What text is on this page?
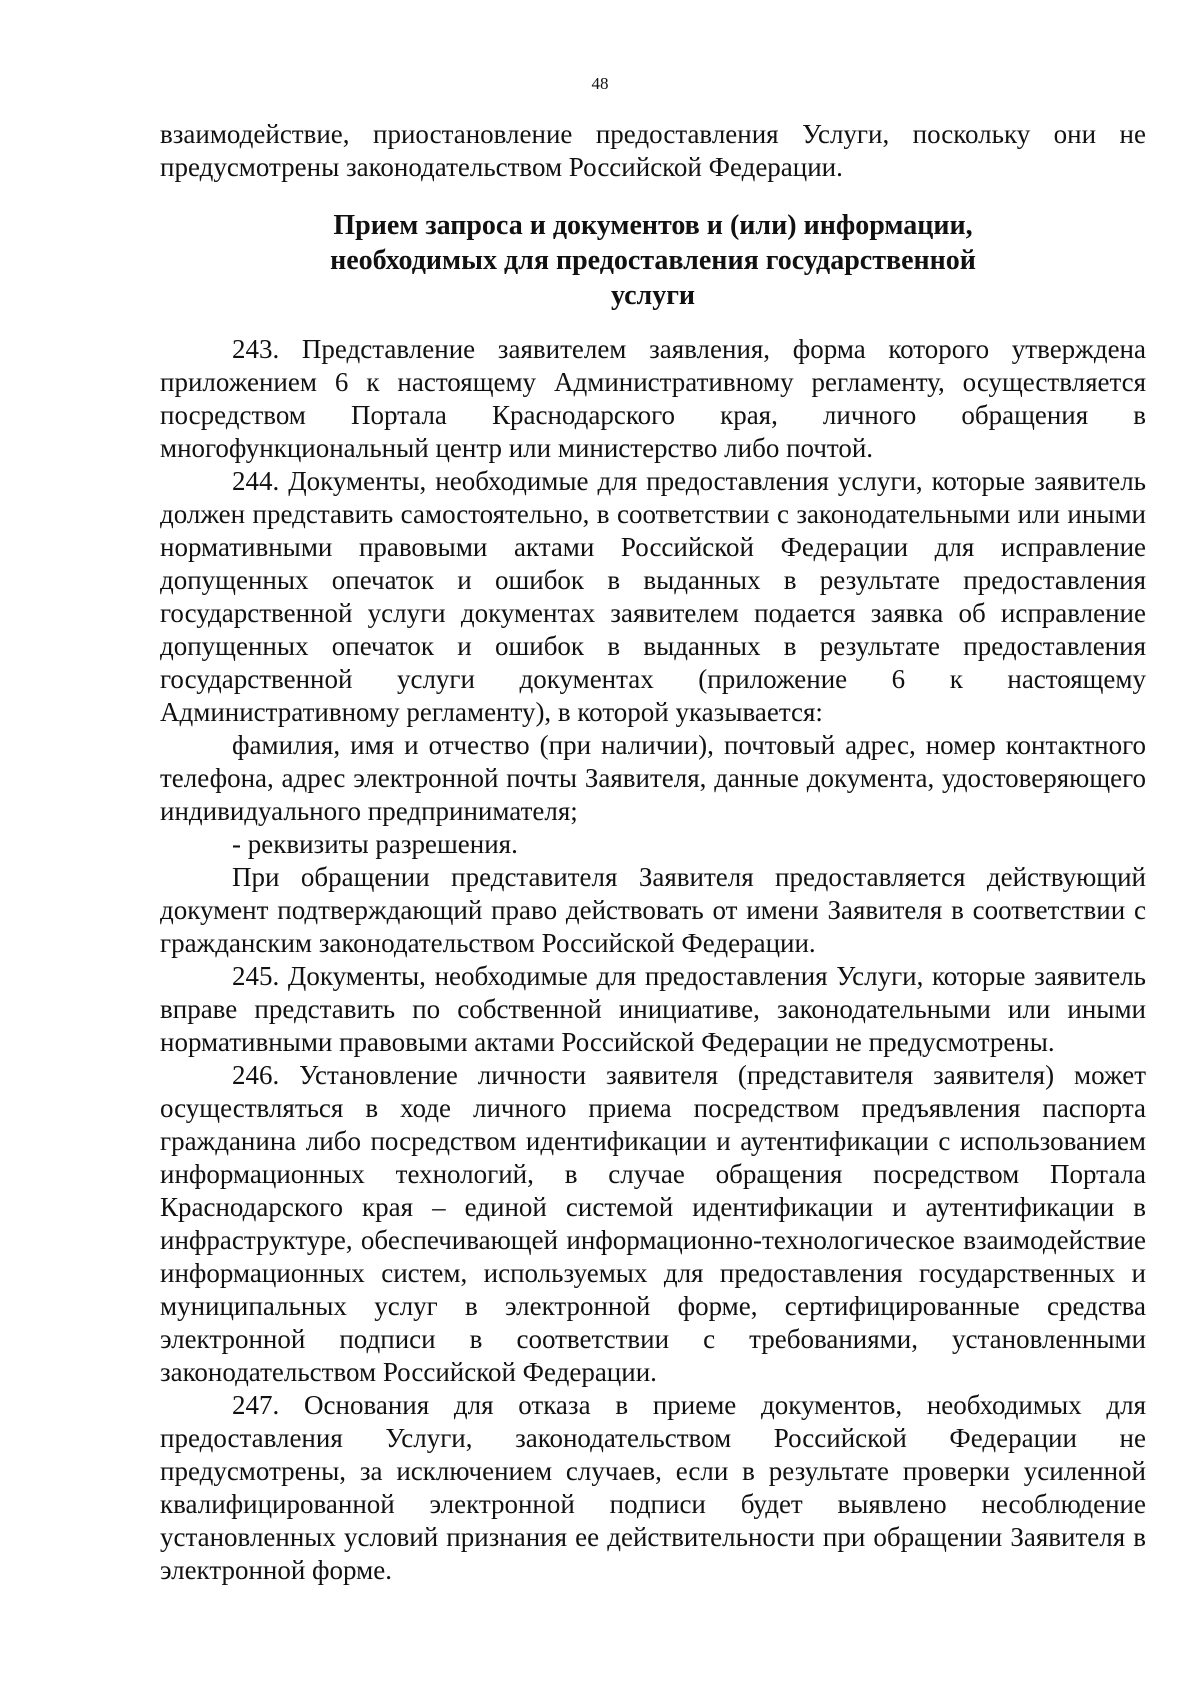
48

взаимодействие, приостановление предоставления Услуги, поскольку они не предусмотрены законодательством Российской Федерации.

Прием запроса и документов и (или) информации,
необходимых для предоставления государственной
услуги

243. Представление заявителем заявления, форма которого утверждена приложением 6 к настоящему Административному регламенту, осуществляется посредством Портала Краснодарского края, личного обращения в многофункциональный центр или министерство либо почтой.

244. Документы, необходимые для предоставления услуги, которые заявитель должен представить самостоятельно, в соответствии с законодательными или иными нормативными правовыми актами Российской Федерации для исправление допущенных опечаток и ошибок в выданных в результате предоставления государственной услуги документах заявителем подается заявка об исправление допущенных опечаток и ошибок в выданных в результате предоставления государственной услуги документах (приложение 6 к настоящему Административному регламенту), в которой указывается:

фамилия, имя и отчество (при наличии), почтовый адрес, номер контактного телефона, адрес электронной почты Заявителя, данные документа, удостоверяющего индивидуального предпринимателя;

- реквизиты разрешения.

При обращении представителя Заявителя предоставляется действующий документ подтверждающий право действовать от имени Заявителя в соответствии с гражданским законодательством Российской Федерации.

245. Документы, необходимые для предоставления Услуги, которые заявитель вправе представить по собственной инициативе, законодательными или иными нормативными правовыми актами Российской Федерации не предусмотрены.

246. Установление личности заявителя (представителя заявителя) может осуществляться в ходе личного приема посредством предъявления паспорта гражданина либо посредством идентификации и аутентификации с использованием информационных технологий, в случае обращения посредством Портала Краснодарского края – единой системой идентификации и аутентификации в инфраструктуре, обеспечивающей информационно-технологическое взаимодействие информационных систем, используемых для предоставления государственных и муниципальных услуг в электронной форме, сертифицированные средства электронной подписи в соответствии с требованиями, установленными законодательством Российской Федерации.

247. Основания для отказа в приеме документов, необходимых для предоставления Услуги, законодательством Российской Федерации не предусмотрены, за исключением случаев, если в результате проверки усиленной квалифицированной электронной подписи будет выявлено несоблюдение установленных условий признания ее действительности при обращении Заявителя в электронной форме.
